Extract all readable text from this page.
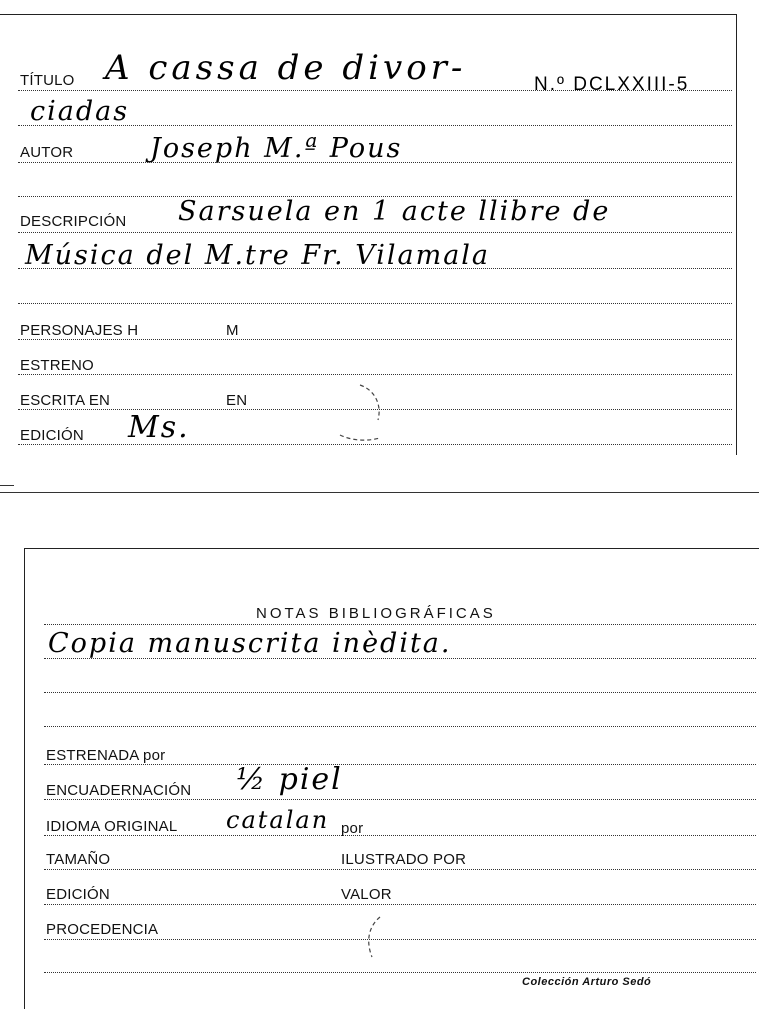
TÍTULO A cassa de divor-	N.º DCLXXIII-5
ciadas
AUTOR	Joseph M.ª Pous
DESCRIPCIÓN Sarsuela en 1 acte llibre de
Música del M.tre Fr. Vilamala
PERSONAJES H	M
ESTRENO
ESCRITA EN	EN
EDICIÓN Ms.
NOTAS BIBLIOGRÁFICAS
Copia manuscrita inèdita.
ESTRENADA por
ENCUADERNACIÓN ½ piel
IDIOMA ORIGINAL catalan por
TAMAÑO	ILUSTRADO POR
EDICIÓN	VALOR
PROCEDENCIA
Colección Arturo Sedó
